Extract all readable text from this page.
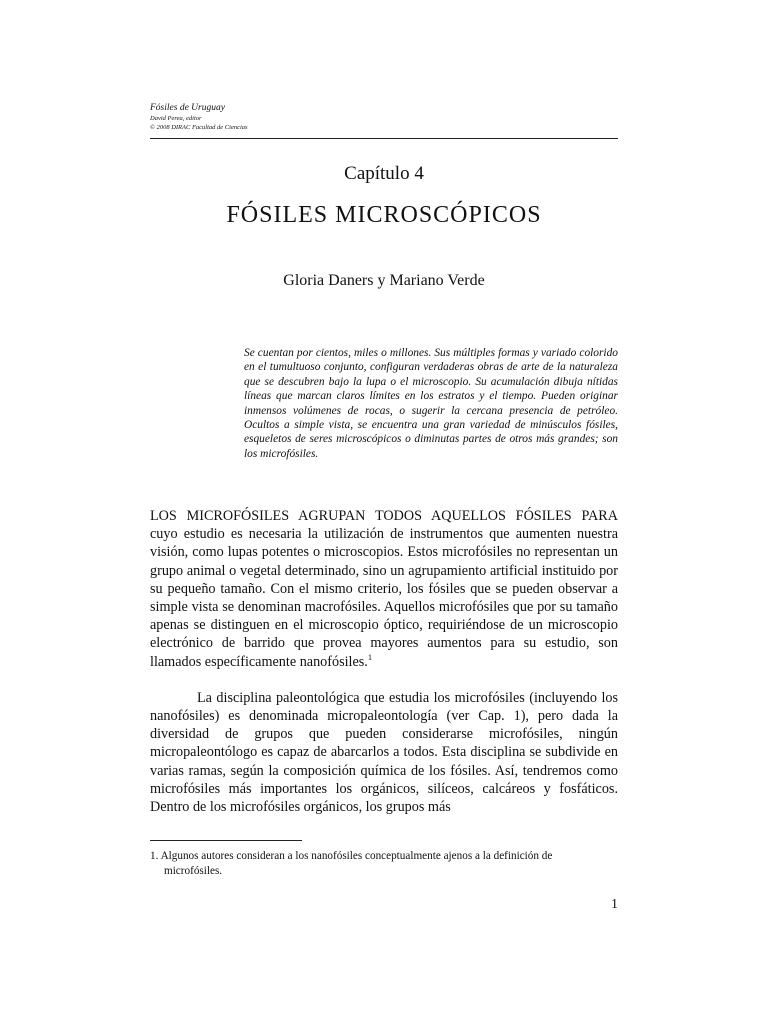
Fósiles de Uruguay
David Perea, editor
© 2008 DIRAC Facultad de Ciencias
Capítulo 4
FÓSILES MICROSCÓPICOS
Gloria Daners y Mariano Verde
Se cuentan por cientos, miles o millones. Sus múltiples formas y variado colorido en el tumultuoso conjunto, configuran verdaderas obras de arte de la naturaleza que se descubren bajo la lupa o el microscopio. Su acumulación dibuja nítidas líneas que marcan claros límites en los estratos y el tiempo. Pueden originar inmensos volúmenes de rocas, o sugerir la cercana presencia de petróleo. Ocultos a simple vista, se encuentra una gran variedad de minúsculos fósiles, esqueletos de seres microscópicos o diminutas partes de otros más grandes; son los microfósiles.

LOS MICROFÓSILES AGRUPAN TODOS AQUELLOS FÓSILES PARA
cuyo estudio es necesaria la utilización de instrumentos que aumenten nuestra visión, como lupas potentes o microscopios. Estos microfósiles no representan un grupo animal o vegetal determinado, sino un agrupamiento artificial instituido por su pequeño tamaño. Con el mismo criterio, los fósiles que se pueden observar a simple vista se denominan macrofósiles. Aquellos microfósiles que por su tamaño apenas se distinguen en el microscopio óptico, requiriéndose de un microscopio electrónico de barrido que provea mayores aumentos para su estudio, son llamados específicamente nanofósiles.$^1$

La disciplina paleontológica que estudia los microfósiles (incluyendo los nanofósiles) es denominada micropaleontología (ver Cap. 1), pero dada la diversidad de grupos que pueden considerarse microfósiles, ningún micropaleontólogo es capaz de abarcarlos a todos. Esta disciplina se subdivide en varias ramas, según la composición química de los fósiles. Así, tendremos como microfósiles más importantes los orgánicos, silíceos, calcáreos y fosfáticos. Dentro de los microfósiles orgánicos, los grupos más

1. Algunos autores consideran a los nanofósiles conceptualmente ajenos a la definición de
microfósiles.
1
